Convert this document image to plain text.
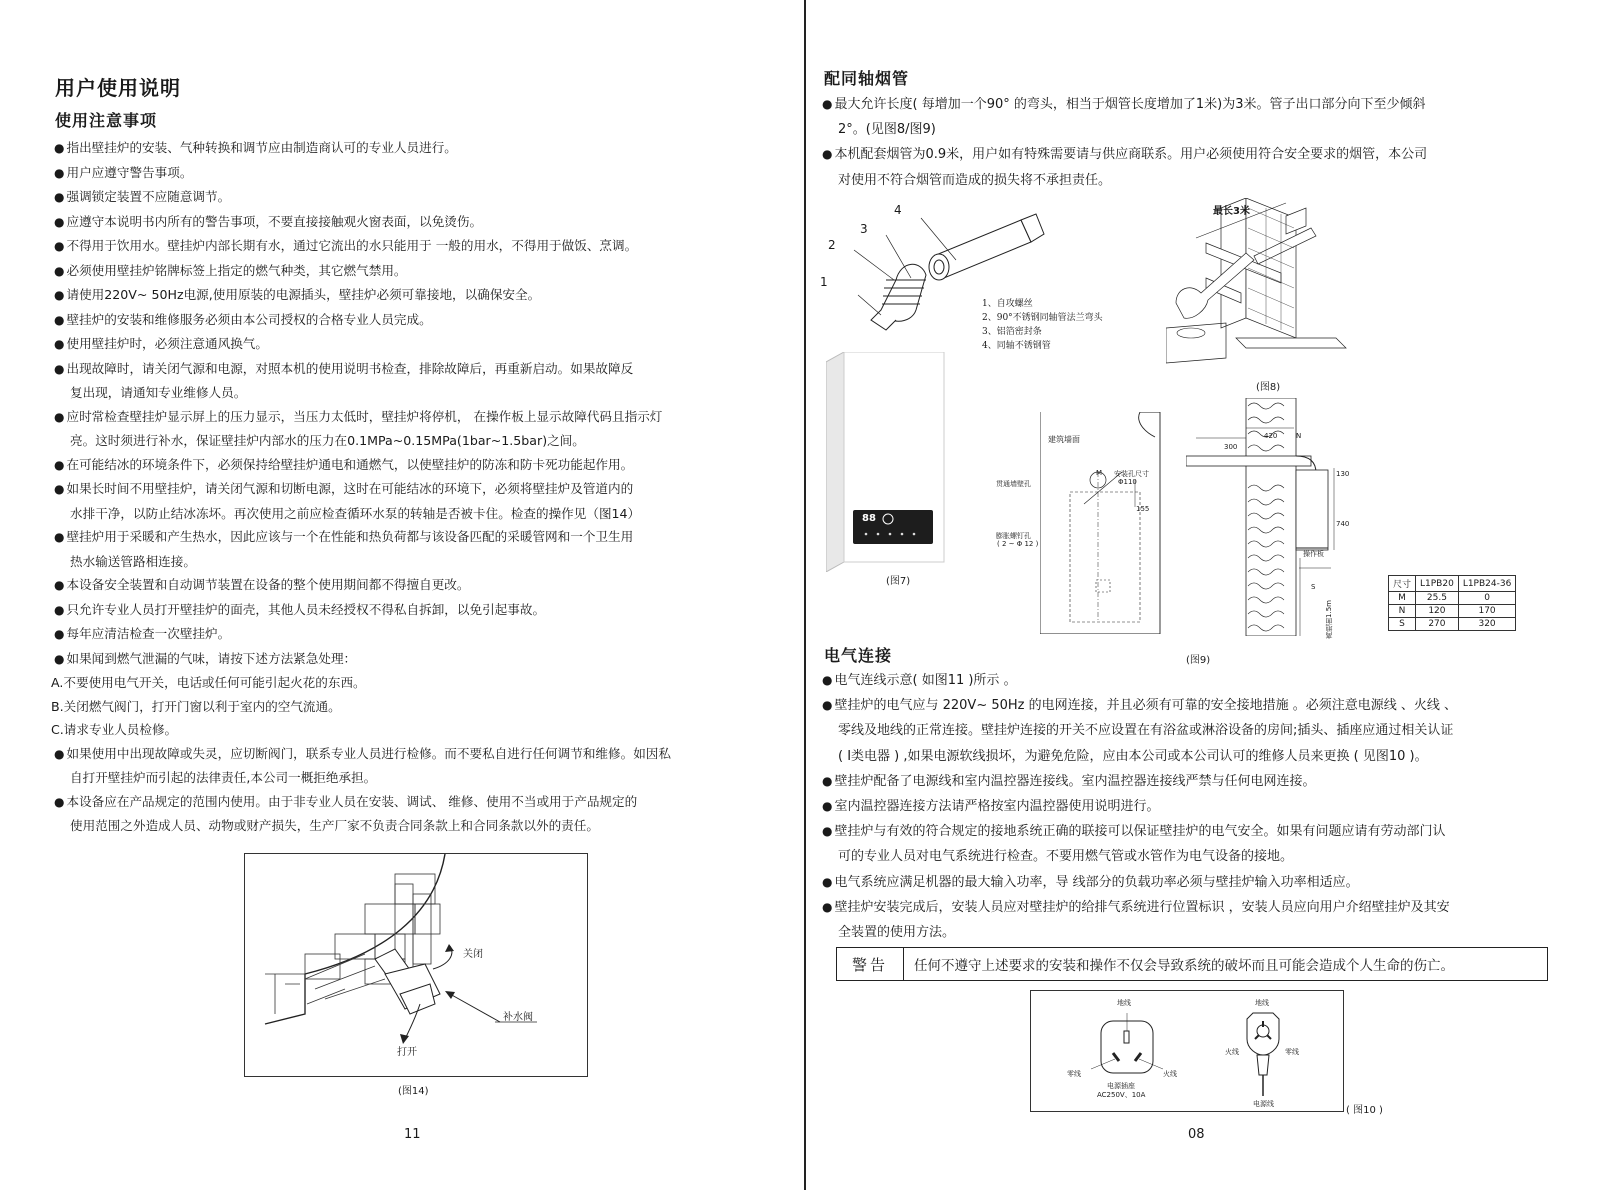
用户使用说明
使用注意事项
● 指出壁挂炉的安装、气种转换和调节应由制造商认可的专业人员进行。
● 用户应遵守警告事项。
● 强调锁定装置不应随意调节。
● 应遵守本说明书内所有的警告事项，不要直接接触观火窗表面，以免烫伤。
● 不得用于饮用水。壁挂炉内部长期有水，通过它流出的水只能用于 一般的用水，不得用于做饭、烹调。
● 必须使用壁挂炉铭牌标签上指定的燃气种类，其它燃气禁用。
● 请使用220V~ 50Hz电源,使用原装的电源插头，壁挂炉必须可靠接地，以确保安全。
● 壁挂炉的安装和维修服务必须由本公司授权的合格专业人员完成。
● 使用壁挂炉时，必须注意通风换气。
● 出现故障时，请关闭气源和电源，对照本机的使用说明书检查，排除故障后，再重新启动。如果故障反
复出现，请通知专业维修人员。
● 应时常检查壁挂炉显示屏上的压力显示，当压力太低时，壁挂炉将停机， 在操作板上显示故障代码且指示灯
亮。这时须进行补水，保证壁挂炉内部水的压力在0.1MPa~0.15MPa(1bar~1.5bar)之间。
● 在可能结冰的环境条件下，必须保持给壁挂炉通电和通燃气，以使壁挂炉的防冻和防卡死功能起作用。
● 如果长时间不用壁挂炉，请关闭气源和切断电源，这时在可能结冰的环境下，必须将壁挂炉及管道内的
水排干净，以防止结冰冻坏。再次使用之前应检查循环水泵的转轴是否被卡住。检查的操作见（图14）
● 壁挂炉用于采暖和产生热水，因此应该与一个在性能和热负荷都与该设备匹配的采暖管网和一个卫生用
热水输送管路相连接。
● 本设备安全装置和自动调节装置在设备的整个使用期间都不得擅自更改。
● 只允许专业人员打开壁挂炉的面壳，其他人员未经授权不得私自拆卸，以免引起事故。
● 每年应清洁检查一次壁挂炉。
● 如果闻到燃气泄漏的气味，请按下述方法紧急处理：
A.不要使用电气开关，电话或任何可能引起火花的东西。
B.关闭燃气阀门，打开门窗以利于室内的空气流通。
C.请求专业人员检修。
● 如果使用中出现故障或失灵，应切断阀门，联系专业人员进行检修。而不要私自进行任何调节和维修。如因私
自打开壁挂炉而引起的法律责任,本公司一概拒绝承担。
● 本设备应在产品规定的范围内使用。由于非专业人员在安装、调试、 维修、使用不当或用于产品规定的
使用范围之外造成人员、动物或财产损失，生产厂家不负责合同条款上和合同条款以外的责任。
关闭
打开
补水阀
(图14)
11
配同轴烟管
● 最大允许长度( 每增加一个90° 的弯头，相当于烟管长度增加了1米)为3米。管子出口部分向下至少倾斜
2°。(见图8/图9)
● 本机配套烟管为0.9米，用户如有特殊需要请与供应商联系。用户必须使用符合安全要求的烟管，本公司
对使用不符合烟管而造成的损失将不承担责任。
1
2
3
4
1、自攻螺丝
2、90°不锈钢同轴管法兰弯头
3、铝箔密封条
4、同轴不锈钢管
88
(图7)
最长3米
(图8)
建筑墙面
贯通墙壁孔
安装孔尺寸
Φ110
M
155
膨胀螺钉孔
( 2 ~ Φ 12 )
(图9)
300
420	N
130
740
操作板
S
离地面1.5m
尺寸	L1PB20	L1PB24-36
M	25.5	0
N	120	170
S	270	320
电气连接
● 电气连线示意( 如图11 )所示 。
● 壁挂炉的电气应与 220V~ 50Hz 的电网连接，并且必须有可靠的安全接地措施 。必须注意电源线 、火线 、
零线及地线的正常连接。壁挂炉连接的开关不应设置在有浴盆或淋浴设备的房间;插头、插座应通过相关认证
( Ⅰ类电器 ) ,如果电源软线损坏，为避免危险，应由本公司或本公司认可的维修人员来更换 ( 见图10 )。
● 壁挂炉配备了电源线和室内温控器连接线。室内温控器连接线严禁与任何电网连接。
● 室内温控器连接方法请严格按室内温控器使用说明进行。
● 壁挂炉与有效的符合规定的接地系统正确的联接可以保证壁挂炉的电气安全。如果有问题应请有劳动部门认
可的专业人员对电气系统进行检查。不要用燃气管或水管作为电气设备的接地。
● 电气系统应满足机器的最大输入功率，导 线部分的负载功率必须与壁挂炉输入功率相适应。
● 壁挂炉安装完成后，安装人员应对壁挂炉的给排气系统进行位置标识 ，安装人员应向用户介绍壁挂炉及其安
全装置的使用方法。
警告	任何不遵守上述要求的安装和操作不仅会导致系统的破坏而且可能会造成个人生命的伤亡。
地线
零线	火线
电源插座
AC250V、10A
地线
火线	零线
电源线
( 图10 )
08
